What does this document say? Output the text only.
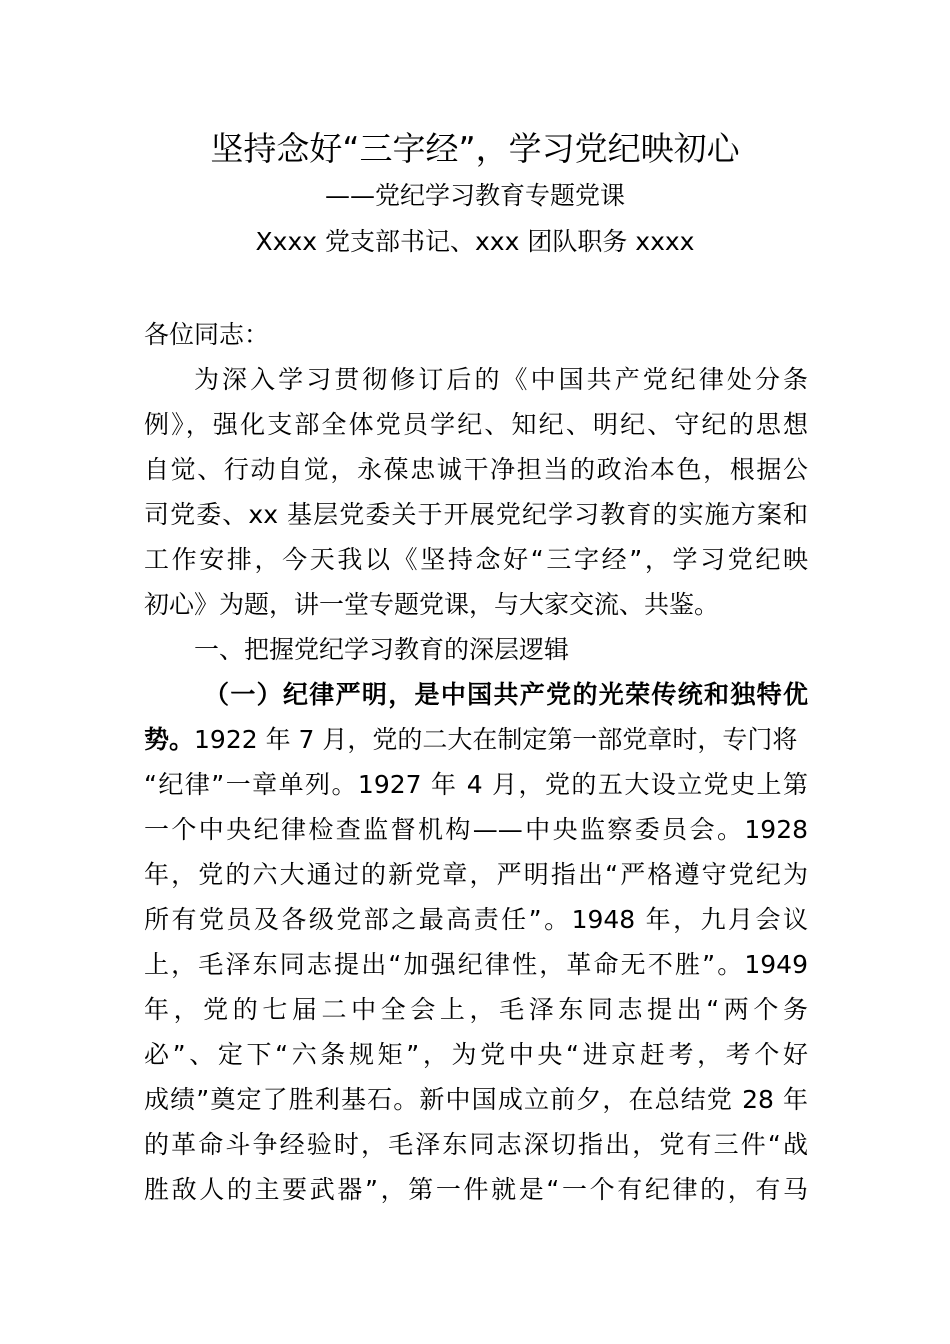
坚持念好“三字经”，学习党纪映初心
——党纪学习教育专题党课
Xxxx 党支部书记、xxx 团队职务 xxxx
各位同志：
为深入学习贯彻修订后的《中国共产党纪律处分条
例》，强化支部全体党员学纪、知纪、明纪、守纪的思想
自觉、行动自觉，永葆忠诚干净担当的政治本色，根据公
司党委、xx 基层党委关于开展党纪学习教育的实施方案和
工作安排，今天我以《坚持念好“三字经”，学习党纪映
初心》为题，讲一堂专题党课，与大家交流、共鉴。
一、把握党纪学习教育的深层逻辑
（一）纪律严明，是中国共产党的光荣传统和独特优
势。1922 年 7 月，党的二大在制定第一部党章时，专门将
“纪律”一章单列。1927 年 4 月，党的五大设立党史上第
一个中央纪律检查监督机构——中央监察委员会。1928
年，党的六大通过的新党章，严明指出“严格遵守党纪为
所有党员及各级党部之最高责任”。1948 年，九月会议
上，毛泽东同志提出“加强纪律性，革命无不胜”。1949
年，党的七届二中全会上，毛泽东同志提出“两个务
必”、定下“六条规矩”，为党中央“进京赶考，考个好
成绩”奠定了胜利基石。新中国成立前夕，在总结党 28 年
的革命斗争经验时，毛泽东同志深切指出，党有三件“战
胜敌人的主要武器”，第一件就是“一个有纪律的，有马
